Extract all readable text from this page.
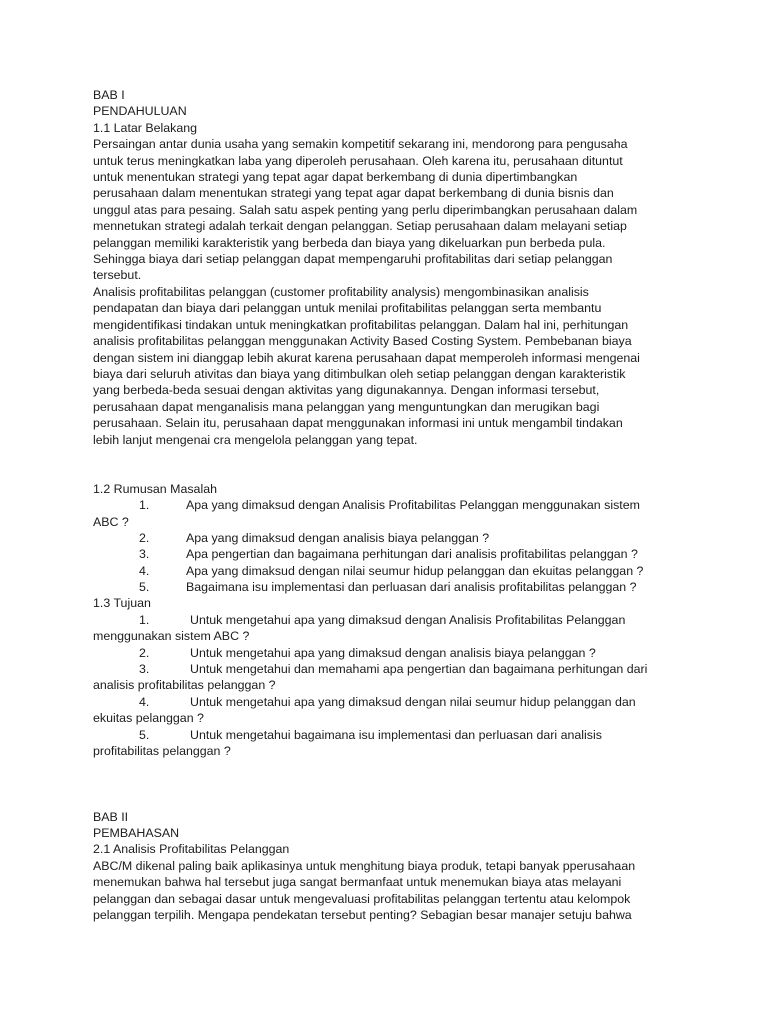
BAB I
PENDAHULUAN
1.1 Latar Belakang
Persaingan antar dunia usaha yang semakin kompetitif sekarang ini, mendorong para pengusaha
untuk terus meningkatkan laba yang diperoleh perusahaan. Oleh karena itu, perusahaan dituntut
untuk menentukan strategi yang tepat agar dapat berkembang di dunia dipertimbangkan
perusahaan dalam menentukan strategi yang tepat agar dapat berkembang di dunia bisnis dan
unggul atas para pesaing. Salah satu aspek penting yang perlu diperimbangkan perusahaan dalam
mennetukan strategi adalah terkait dengan pelanggan. Setiap perusahaan dalam melayani setiap
pelanggan memiliki karakteristik yang berbeda dan biaya yang dikeluarkan pun berbeda pula.
Sehingga biaya dari setiap pelanggan dapat mempengaruhi profitabilitas dari setiap pelanggan
tersebut.
Analisis profitabilitas pelanggan (customer profitability analysis) mengombinasikan analisis
pendapatan dan biaya dari pelanggan untuk menilai profitabilitas pelanggan serta membantu
mengidentifikasi tindakan untuk meningkatkan profitabilitas pelanggan. Dalam hal ini, perhitungan
analisis profitabilitas pelanggan menggunakan Activity Based Costing System. Pembebanan biaya
dengan sistem ini dianggap lebih akurat karena perusahaan dapat memperoleh informasi mengenai
biaya dari seluruh ativitas dan biaya yang ditimbulkan oleh setiap pelanggan dengan karakteristik
yang berbeda-beda sesuai dengan aktivitas yang digunakannya. Dengan informasi tersebut,
perusahaan dapat menganalisis mana pelanggan yang menguntungkan dan merugikan bagi
perusahaan. Selain itu, perusahaan dapat menggunakan informasi ini untuk mengambil tindakan
lebih lanjut mengenai cra mengelola pelanggan yang tepat.
1.2 Rumusan Masalah
1.	Apa yang dimaksud dengan Analisis Profitabilitas Pelanggan menggunakan sistem
ABC ?
2.	Apa yang dimaksud dengan analisis biaya pelanggan ?
3.	Apa pengertian dan bagaimana perhitungan dari analisis profitabilitas pelanggan ?
4.	Apa yang dimaksud dengan nilai seumur hidup pelanggan dan ekuitas pelanggan ?
5.	Bagaimana isu implementasi dan perluasan dari analisis profitabilitas pelanggan ?
1.3 Tujuan
1.	Untuk mengetahui apa yang dimaksud dengan Analisis Profitabilitas Pelanggan
menggunakan sistem ABC ?
2.	Untuk mengetahui apa yang dimaksud dengan analisis biaya pelanggan ?
3.	Untuk mengetahui dan memahami apa pengertian dan bagaimana perhitungan dari
analisis profitabilitas pelanggan ?
4.	Untuk mengetahui apa yang dimaksud dengan nilai seumur hidup pelanggan dan
ekuitas pelanggan ?
5.	Untuk mengetahui bagaimana isu implementasi dan perluasan dari analisis
profitabilitas pelanggan ?
BAB II
PEMBAHASAN
2.1 Analisis Profitabilitas Pelanggan
ABC/M dikenal paling baik aplikasinya untuk menghitung biaya produk, tetapi banyak pperusahaan
menemukan bahwa hal tersebut juga sangat bermanfaat untuk menemukan biaya atas melayani
pelanggan dan sebagai dasar untuk mengevaluasi profitabilitas pelanggan tertentu atau kelompok
pelanggan terpilih. Mengapa pendekatan tersebut penting? Sebagian besar manajer setuju bahwa
